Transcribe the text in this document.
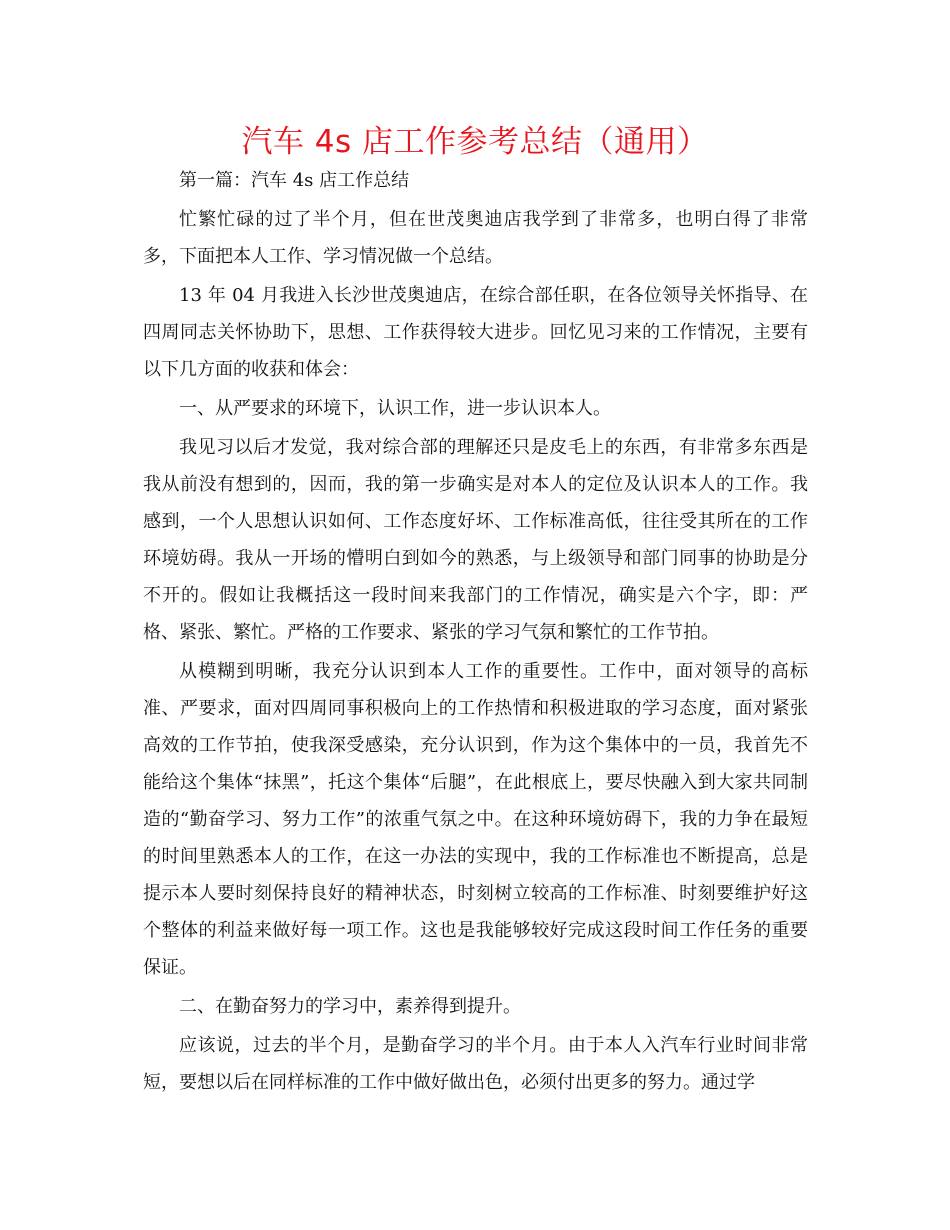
汽车 4s 店工作参考总结（通用）

第一篇：汽车 4s 店工作总结

忙繁忙碌的过了半个月，但在世茂奥迪店我学到了非常多，也明白得了非常多，下面把本人工作、学习情况做一个总结。

13 年 04 月我进入长沙世茂奥迪店，在综合部任职，在各位领导关怀指导、在四周同志关怀协助下，思想、工作获得较大进步。回忆见习来的工作情况，主要有以下几方面的收获和体会：

一、从严要求的环境下，认识工作，进一步认识本人。

我见习以后才发觉，我对综合部的理解还只是皮毛上的东西，有非常多东西是我从前没有想到的，因而，我的第一步确实是对本人的定位及认识本人的工作。我感到，一个人思想认识如何、工作态度好坏、工作标准高低，往往受其所在的工作环境妨碍。我从一开场的懵明白到如今的熟悉，与上级领导和部门同事的协助是分不开的。假如让我概括这一段时间来我部门的工作情况，确实是六个字，即：严格、紧张、繁忙。严格的工作要求、紧张的学习气氛和繁忙的工作节拍。

从模糊到明晰，我充分认识到本人工作的重要性。工作中，面对领导的高标准、严要求，面对四周同事积极向上的工作热情和积极进取的学习态度，面对紧张高效的工作节拍，使我深受感染，充分认识到，作为这个集体中的一员，我首先不能给这个集体“抹黑”，托这个集体“后腿”，在此根底上，要尽快融入到大家共同制造的“勤奋学习、努力工作”的浓重气氛之中。在这种环境妨碍下，我的力争在最短的时间里熟悉本人的工作，在这一办法的实现中，我的工作标准也不断提高，总是提示本人要时刻保持良好的精神状态，时刻树立较高的工作标准、时刻要维护好这个整体的利益来做好每一项工作。这也是我能够较好完成这段时间工作任务的重要保证。

二、在勤奋努力的学习中，素养得到提升。

应该说，过去的半个月，是勤奋学习的半个月。由于本人入汽车行业时间非常短，要想以后在同样标准的工作中做好做出色，必须付出更多的努力。通过学
